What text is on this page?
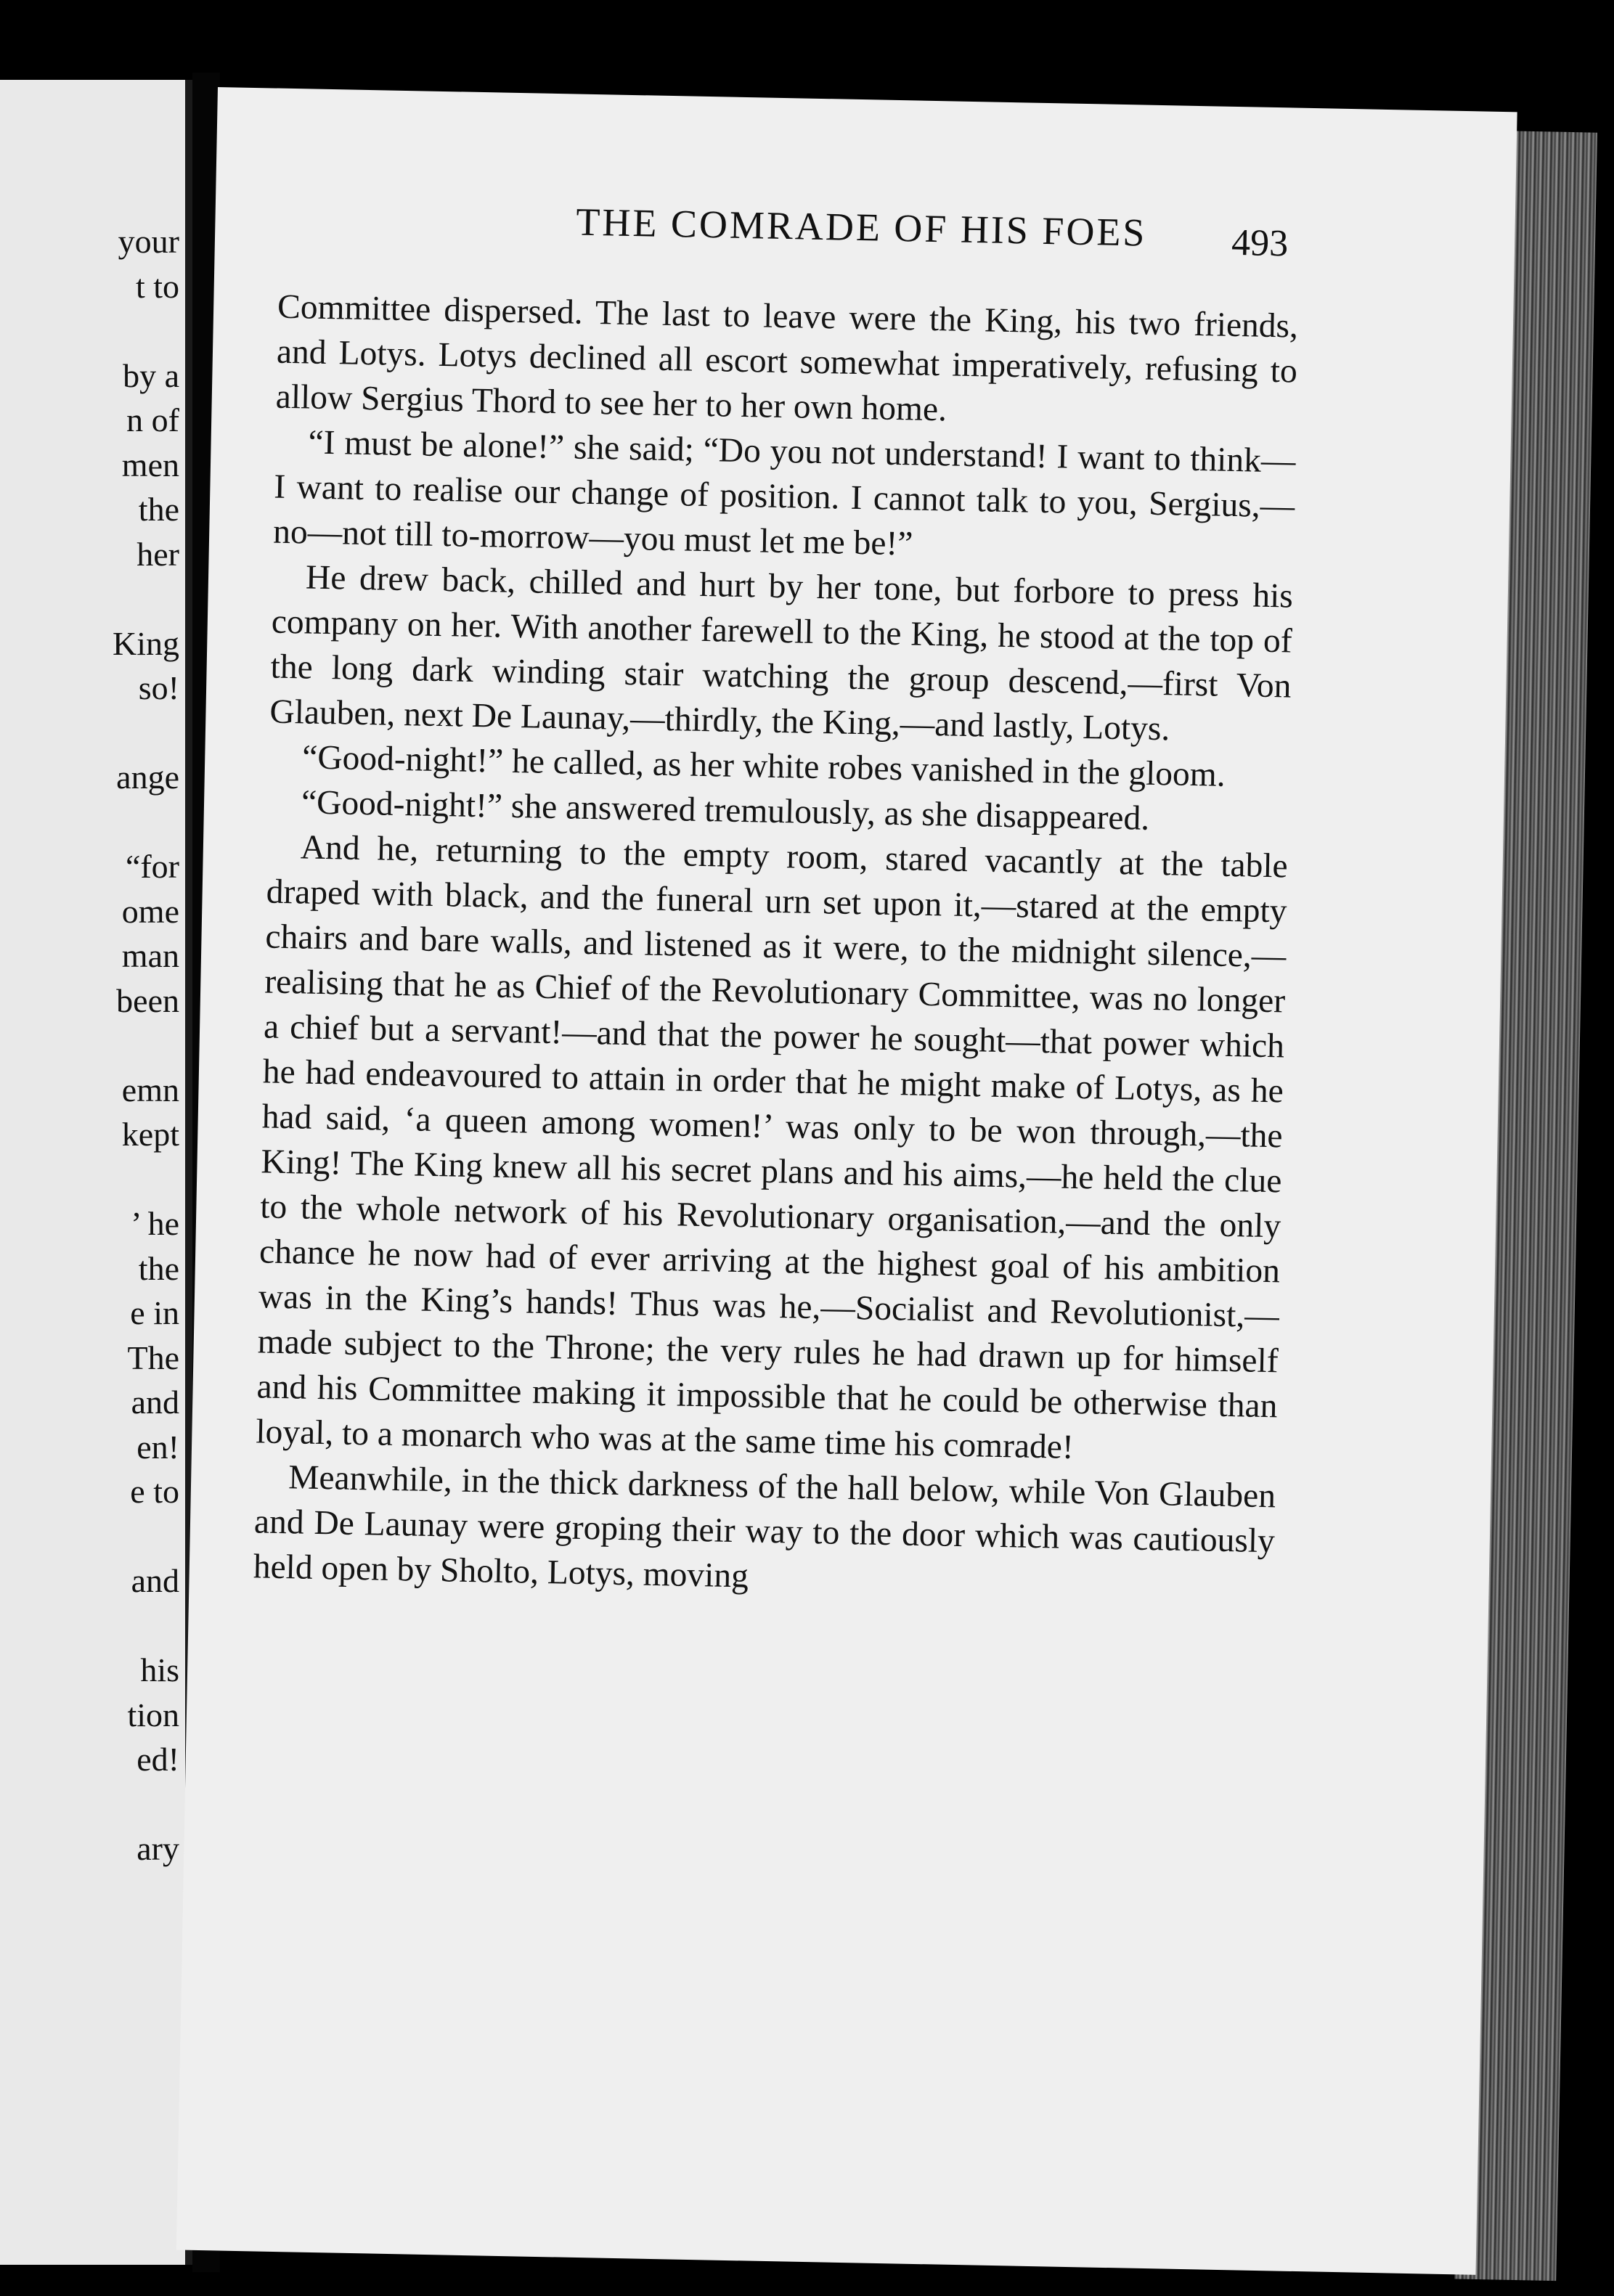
your
t to
by a
n of
men
the
her
King
so!
ange
“for
ome
man
been
emn
kept
’ he
the
e in
The
and
en!
e to
and
his
tion
ed!
ary
THE COMRADE OF HIS FOES	493

Committee dispersed. The last to leave were the King, his two friends, and Lotys. Lotys declined all escort somewhat imperatively, refusing to allow Sergius Thord to see her to her own home.

“I must be alone!” she said; “Do you not understand! I want to think—I want to realise our change of position. I cannot talk to you, Sergius,—no—not till to-morrow—you must let me be!”

He drew back, chilled and hurt by her tone, but forbore to press his company on her. With another farewell to the King, he stood at the top of the long dark winding stair watching the group descend,—first Von Glauben, next De Launay,—thirdly, the King,—and lastly, Lotys.

“Good-night!” he called, as her white robes vanished in the gloom.

“Good-night!” she answered tremulously, as she disappeared.

And he, returning to the empty room, stared vacantly at the table draped with black, and the funeral urn set upon it,—stared at the empty chairs and bare walls, and listened as it were, to the midnight silence,—realising that he as Chief of the Revolutionary Committee, was no longer a chief but a servant!—and that the power he sought—that power which he had endeavoured to attain in order that he might make of Lotys, as he had said, ‘a queen among women!’ was only to be won through,—the King! The King knew all his secret plans and his aims,—he held the clue to the whole network of his Revolutionary organisation,—and the only chance he now had of ever arriving at the highest goal of his ambition was in the King’s hands! Thus was he,—Socialist and Revolutionist,—made subject to the Throne; the very rules he had drawn up for himself and his Committee making it impossible that he could be otherwise than loyal, to a monarch who was at the same time his comrade!

Meanwhile, in the thick darkness of the hall below, while Von Glauben and De Launay were groping their way to the door which was cautiously held open by Sholto, Lotys, moving
